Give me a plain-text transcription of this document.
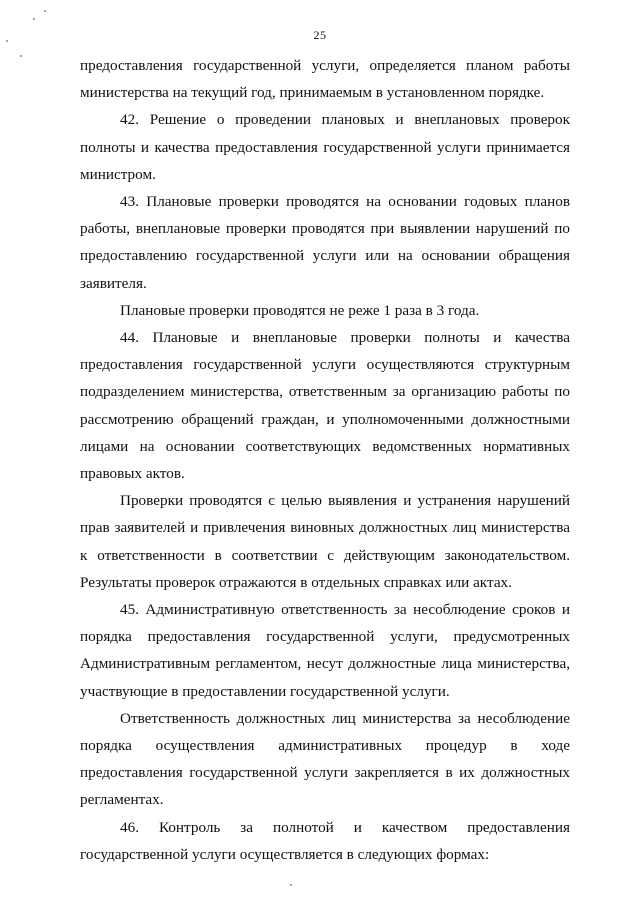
25

предоставления государственной услуги, определяется планом работы министерства на текущий год, принимаемым в установленном порядке.

42. Решение о проведении плановых и внеплановых проверок полноты и качества предоставления государственной услуги принимается министром.

43. Плановые проверки проводятся на основании годовых планов работы, внеплановые проверки проводятся при выявлении нарушений по предоставлению государственной услуги или на основании обращения заявителя.

Плановые проверки проводятся не реже 1 раза в 3 года.

44. Плановые и внеплановые проверки полноты и качества предоставления государственной услуги осуществляются структурным подразделением министерства, ответственным за организацию работы по рассмотрению обращений граждан, и уполномоченными должностными лицами на основании соответствующих ведомственных нормативных правовых актов.

Проверки проводятся с целью выявления и устранения нарушений прав заявителей и привлечения виновных должностных лиц министерства к ответственности в соответствии с действующим законодательством. Результаты проверок отражаются в отдельных справках или актах.

45. Административную ответственность за несоблюдение сроков и порядка предоставления государственной услуги, предусмотренных Административным регламентом, несут должностные лица министерства, участвующие в предоставлении государственной услуги.

Ответственность должностных лиц министерства за несоблюдение порядка осуществления административных процедур в ходе предоставления государственной услуги закрепляется в их должностных регламентах.

46. Контроль за полнотой и качеством предоставления государственной услуги осуществляется в следующих формах:
